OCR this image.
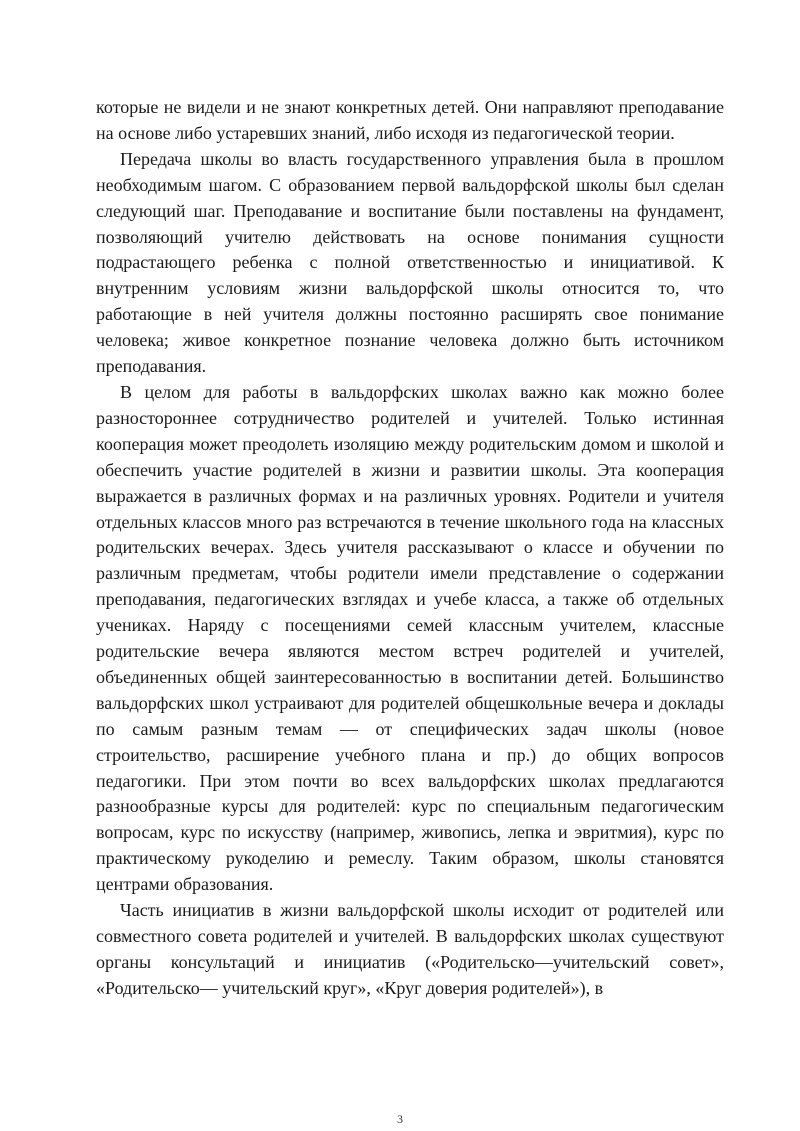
которые не видели и не знают конкретных детей. Они направляют преподавание на основе либо устаревших знаний, либо исходя из педагогической теории.

Передача школы во власть государственного управления была в прошлом необходимым шагом. С образованием первой вальдорфской школы был сделан следующий шаг. Преподавание и воспитание были поставлены на фундамент, позволяющий учителю действовать на основе понимания сущности подрастающего ребенка с полной ответственностью и инициативой. К внутренним условиям жизни вальдорфской школы относится то, что работающие в ней учителя должны постоянно расширять свое понимание человека; живое конкретное познание человека должно быть источником преподавания.

В целом для работы в вальдорфских школах важно как можно более разностороннее сотрудничество родителей и учителей. Только истинная кооперация может преодолеть изоляцию между родительским домом и школой и обеспечить участие родителей в жизни и развитии школы. Эта кооперация выражается в различных формах и на различных уровнях. Родители и учителя отдельных классов много раз встречаются в течение школьного года на классных родительских вечерах. Здесь учителя рассказывают о классе и обучении по различным предметам, чтобы родители имели представление о содержании преподавания, педагогических взглядах и учебе класса, а также об отдельных учениках. Наряду с посещениями семей классным учителем, классные родительские вечера являются местом встреч родителей и учителей, объединенных общей заинтересованностью в воспитании детей. Большинство вальдорфских школ устраивают для родителей общешкольные вечера и доклады по самым разным темам — от специфических задач школы (новое строительство, расширение учебного плана и пр.) до общих вопросов педагогики. При этом почти во всех вальдорфских школах предлагаются разнообразные курсы для родителей: курс по специальным педагогическим вопросам, курс по искусству (например, живопись, лепка и эвритмия), курс по практическому рукоделию и ремеслу. Таким образом, школы становятся центрами образования.

Часть инициатив в жизни вальдорфской школы исходит от родителей или совместного совета родителей и учителей. В вальдорфских школах существуют органы консультаций и инициатив («Родительско—учительский совет», «Родительско— учительский круг», «Круг доверия родителей»), в

3
